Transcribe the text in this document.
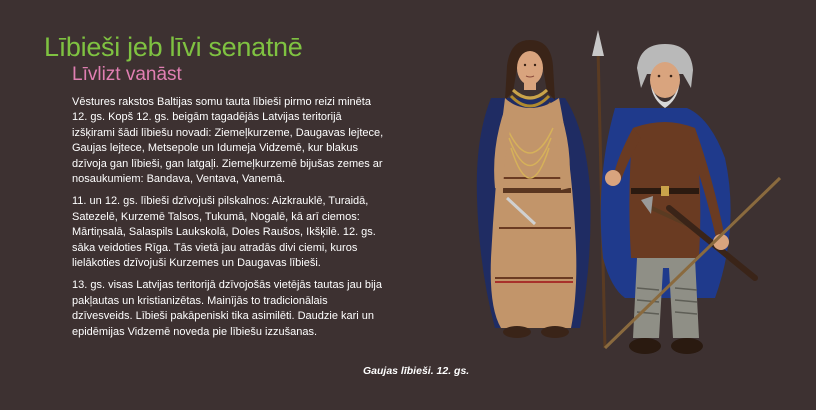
Lībieši jeb līvi senatnē
Līvlizt vanāst

Vēstures rakstos Baltijas somu tauta lībieši pirmo reizi minēta 12. gs. Kopš 12. gs. beigām tagadējās Latvijas teritorijā izšķirami šādi lībiešu novadi: Ziemeļkurzeme, Daugavas lejtece, Gaujas lejtece, Metsepole un Idumeja Vidzemē, kur blakus dzīvoja gan lībieši, gan latgaļi. Ziemeļkurzemē bijušas zemes ar nosaukumiem: Bandava, Ventava, Vanemā.

11. un 12. gs. lībieši dzīvojuši pilskalnos: Aizkrauklē, Turaidā, Satezelē, Kurzemē Talsos, Tukumā, Nogalē, kā arī ciemos: Mārtiņsalā, Salaspils Laukskolā, Doles Raušos, Ikšķilē. 12. gs. sāka veidoties Rīga. Tās vietā jau atradās divi ciemi, kuros lielākoties dzīvojuši Kurzemes un Daugavas lībieši.

13. gs. visas Latvijas teritorijā dzīvojošās vietējās tautas jau bija pakļautas un kristianizētas. Mainījās to tradicionālais dzīvesveids. Lībieši pakāpeniski tika asimilēti. Daudzie kari un epidēmijas Vidzemē noveda pie lībiešu izzušanas.

Gaujas lībieši. 12. gs.
